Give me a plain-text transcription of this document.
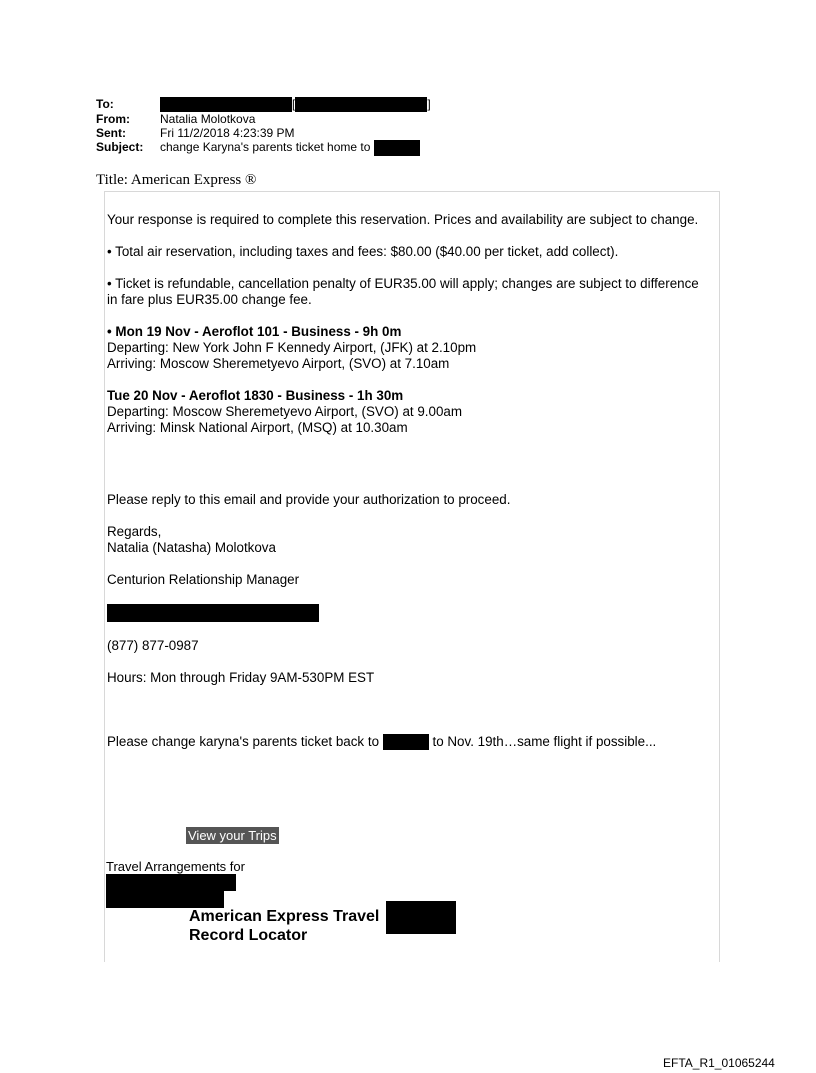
To:	[	]
From:	Natalia Molotkova
Sent:	Fri 11/2/2018 4:23:39 PM
Subject:	change Karyna's parents ticket home to
Title: American Express ®

Your response is required to complete this reservation. Prices and availability are subject to change.

• Total air reservation, including taxes and fees: $80.00 ($40.00 per ticket, add collect).

• Ticket is refundable, cancellation penalty of EUR35.00 will apply; changes are subject to difference in fare plus EUR35.00 change fee.

• Mon 19 Nov - Aeroflot 101 - Business - 9h 0m
Departing: New York John F Kennedy Airport, (JFK) at 2.10pm
Arriving: Moscow Sheremetyevo Airport, (SVO) at 7.10am

Tue 20 Nov - Aeroflot 1830 - Business - 1h 30m
Departing: Moscow Sheremetyevo Airport, (SVO) at 9.00am
Arriving: Minsk National Airport, (MSQ) at 10.30am

Please reply to this email and provide your authorization to proceed.

Regards,
Natalia (Natasha) Molotkova

Centurion Relationship Manager

(877) 877-0987

Hours: Mon through Friday 9AM-530PM EST

Please change karyna's parents ticket back to	to Nov. 19th…same flight if possible...

View your Trips
Travel Arrangements for
American Express Travel
Record Locator
EFTA_R1_01065244
